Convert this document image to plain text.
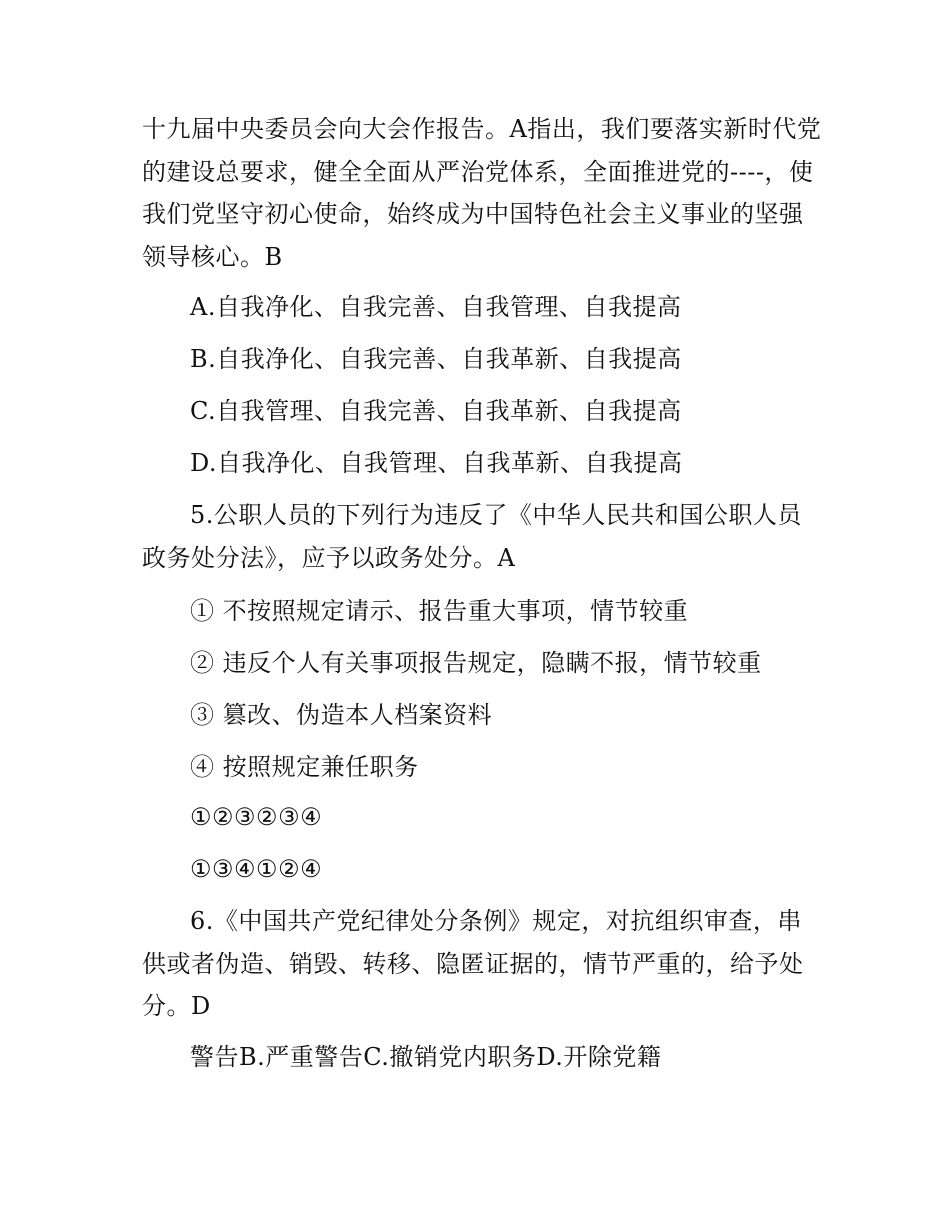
十九届中央委员会向大会作报告。A指出，我们要落实新时代党的建设总要求，健全全面从严治党体系，全面推进党的----，使我们党坚守初心使命，始终成为中国特色社会主义事业的坚强领导核心。B

A.自我净化、自我完善、自我管理、自我提高

B.自我净化、自我完善、自我革新、自我提高

C.自我管理、自我完善、自我革新、自我提高

D.自我净化、自我管理、自我革新、自我提高

5.公职人员的下列行为违反了《中华人民共和国公职人员政务处分法》，应予以政务处分。A

① 不按照规定请示、报告重大事项，情节较重

② 违反个人有关事项报告规定，隐瞒不报，情节较重

③ 篡改、伪造本人档案资料

④ 按照规定兼任职务

①②③②③④

①③④①②④

6.《中国共产党纪律处分条例》规定，对抗组织审查，串供或者伪造、销毁、转移、隐匿证据的，情节严重的，给予处分。D

警告B.严重警告C.撤销党内职务D.开除党籍
